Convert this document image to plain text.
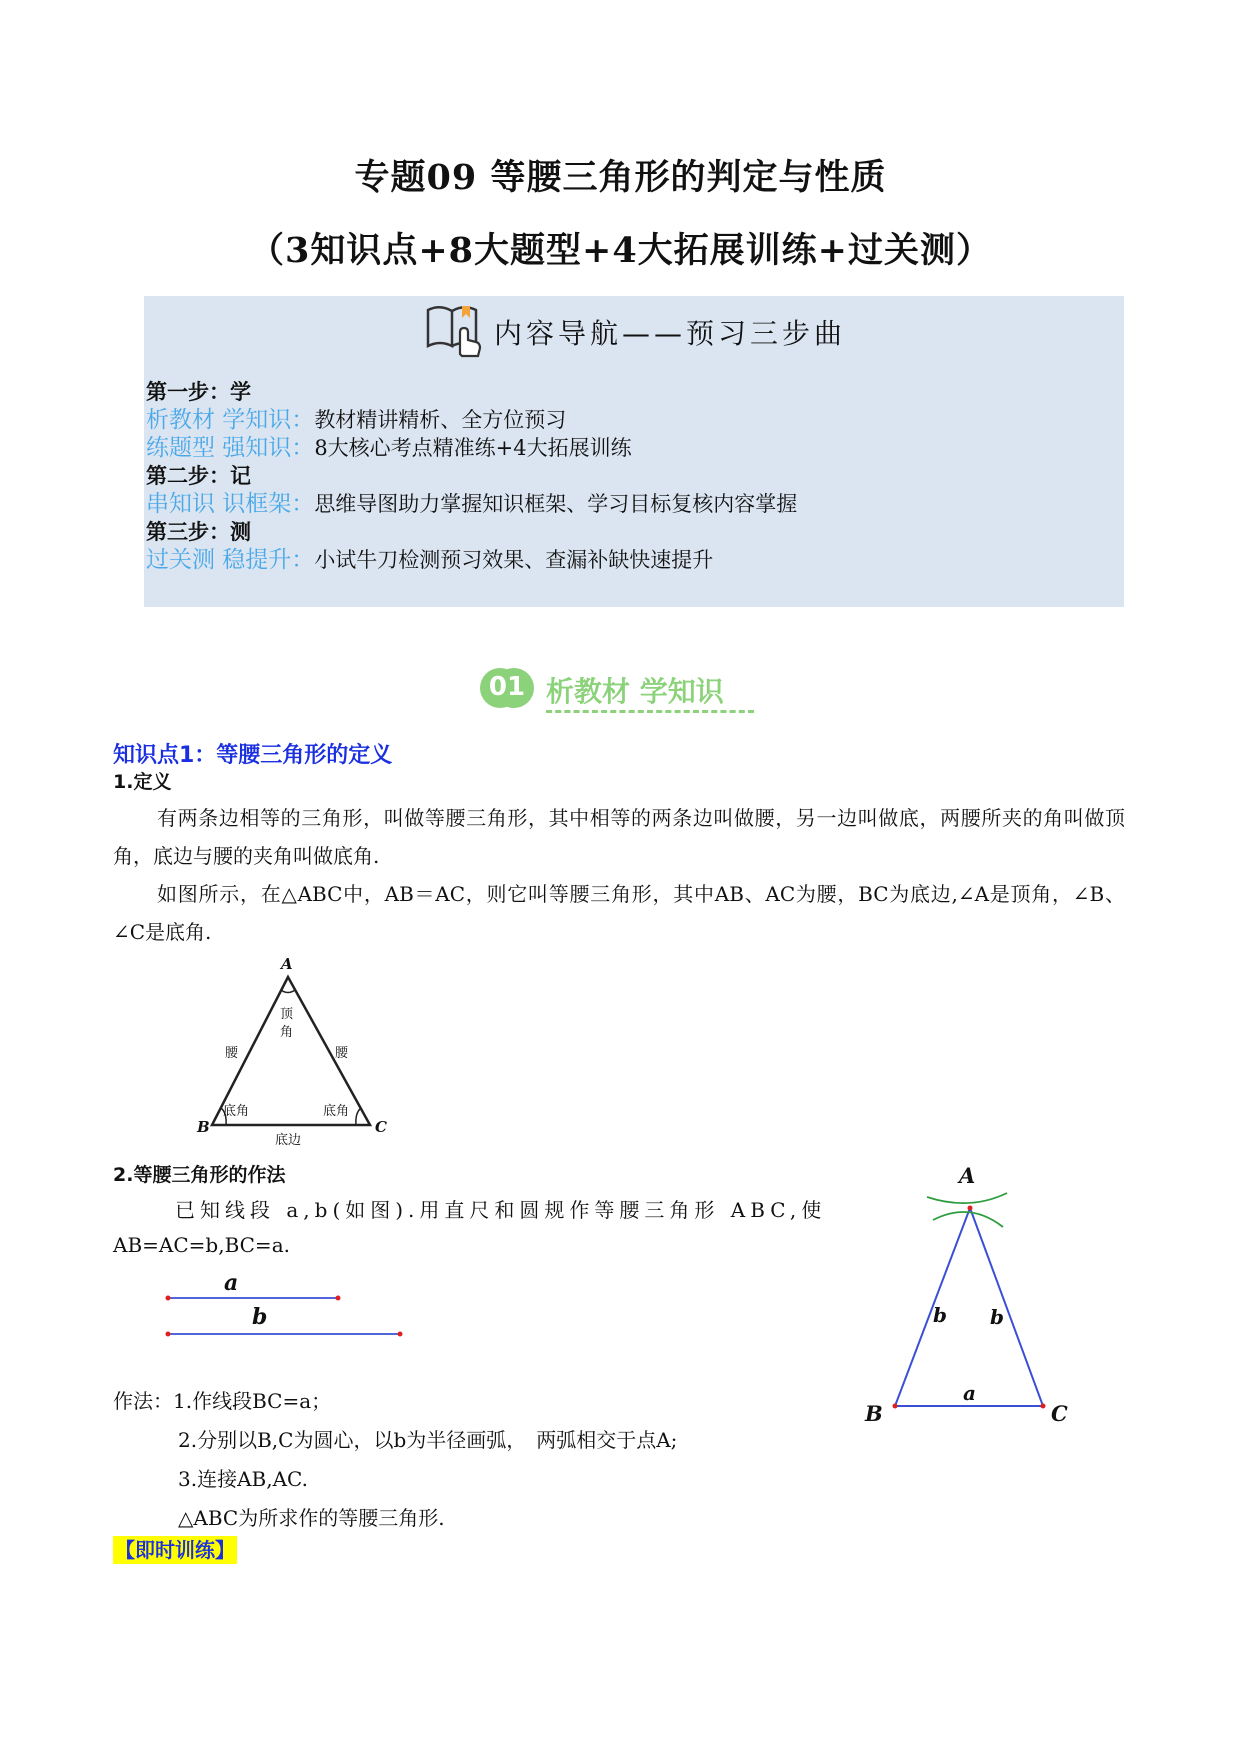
专题09 等腰三角形的判定与性质
（3知识点+8大题型+4大拓展训练+过关测）
内容导航——预习三步曲
第一步：学
析教材 学知识：教材精讲精析、全方位预习
练题型 强知识：8大核心考点精准练+4大拓展训练
第二步：记
串知识 识框架：思维导图助力掌握知识框架、学习目标复核内容掌握
第三步：测
过关测 稳提升：小试牛刀检测预习效果、查漏补缺快速提升
01 析教材 学知识
知识点1：等腰三角形的定义
1.定义
有两条边相等的三角形，叫做等腰三角形，其中相等的两条边叫做腰，另一边叫做底，两腰所夹的角叫做顶角，底边与腰的夹角叫做底角.
如图所示，在△ABC中，AB＝AC，则它叫等腰三角形，其中AB、AC为腰，BC为底边,∠A是顶角，∠B、∠C是底角.
A
B	C
顶
角
腰	腰
底角	底角
底边
2.等腰三角形的作法
已知线段 a,b(如图).用直尺和圆规作等腰三角形 ABC,使
AB=AC=b,BC=a.
a
b
作法：1.作线段BC=a；
2.分别以B,C为圆心，以b为半径画弧，　两弧相交于点A;
3.连接AB,AC.
△ABC为所求作的等腰三角形.
A
B	C
b b
a
【即时训练】
